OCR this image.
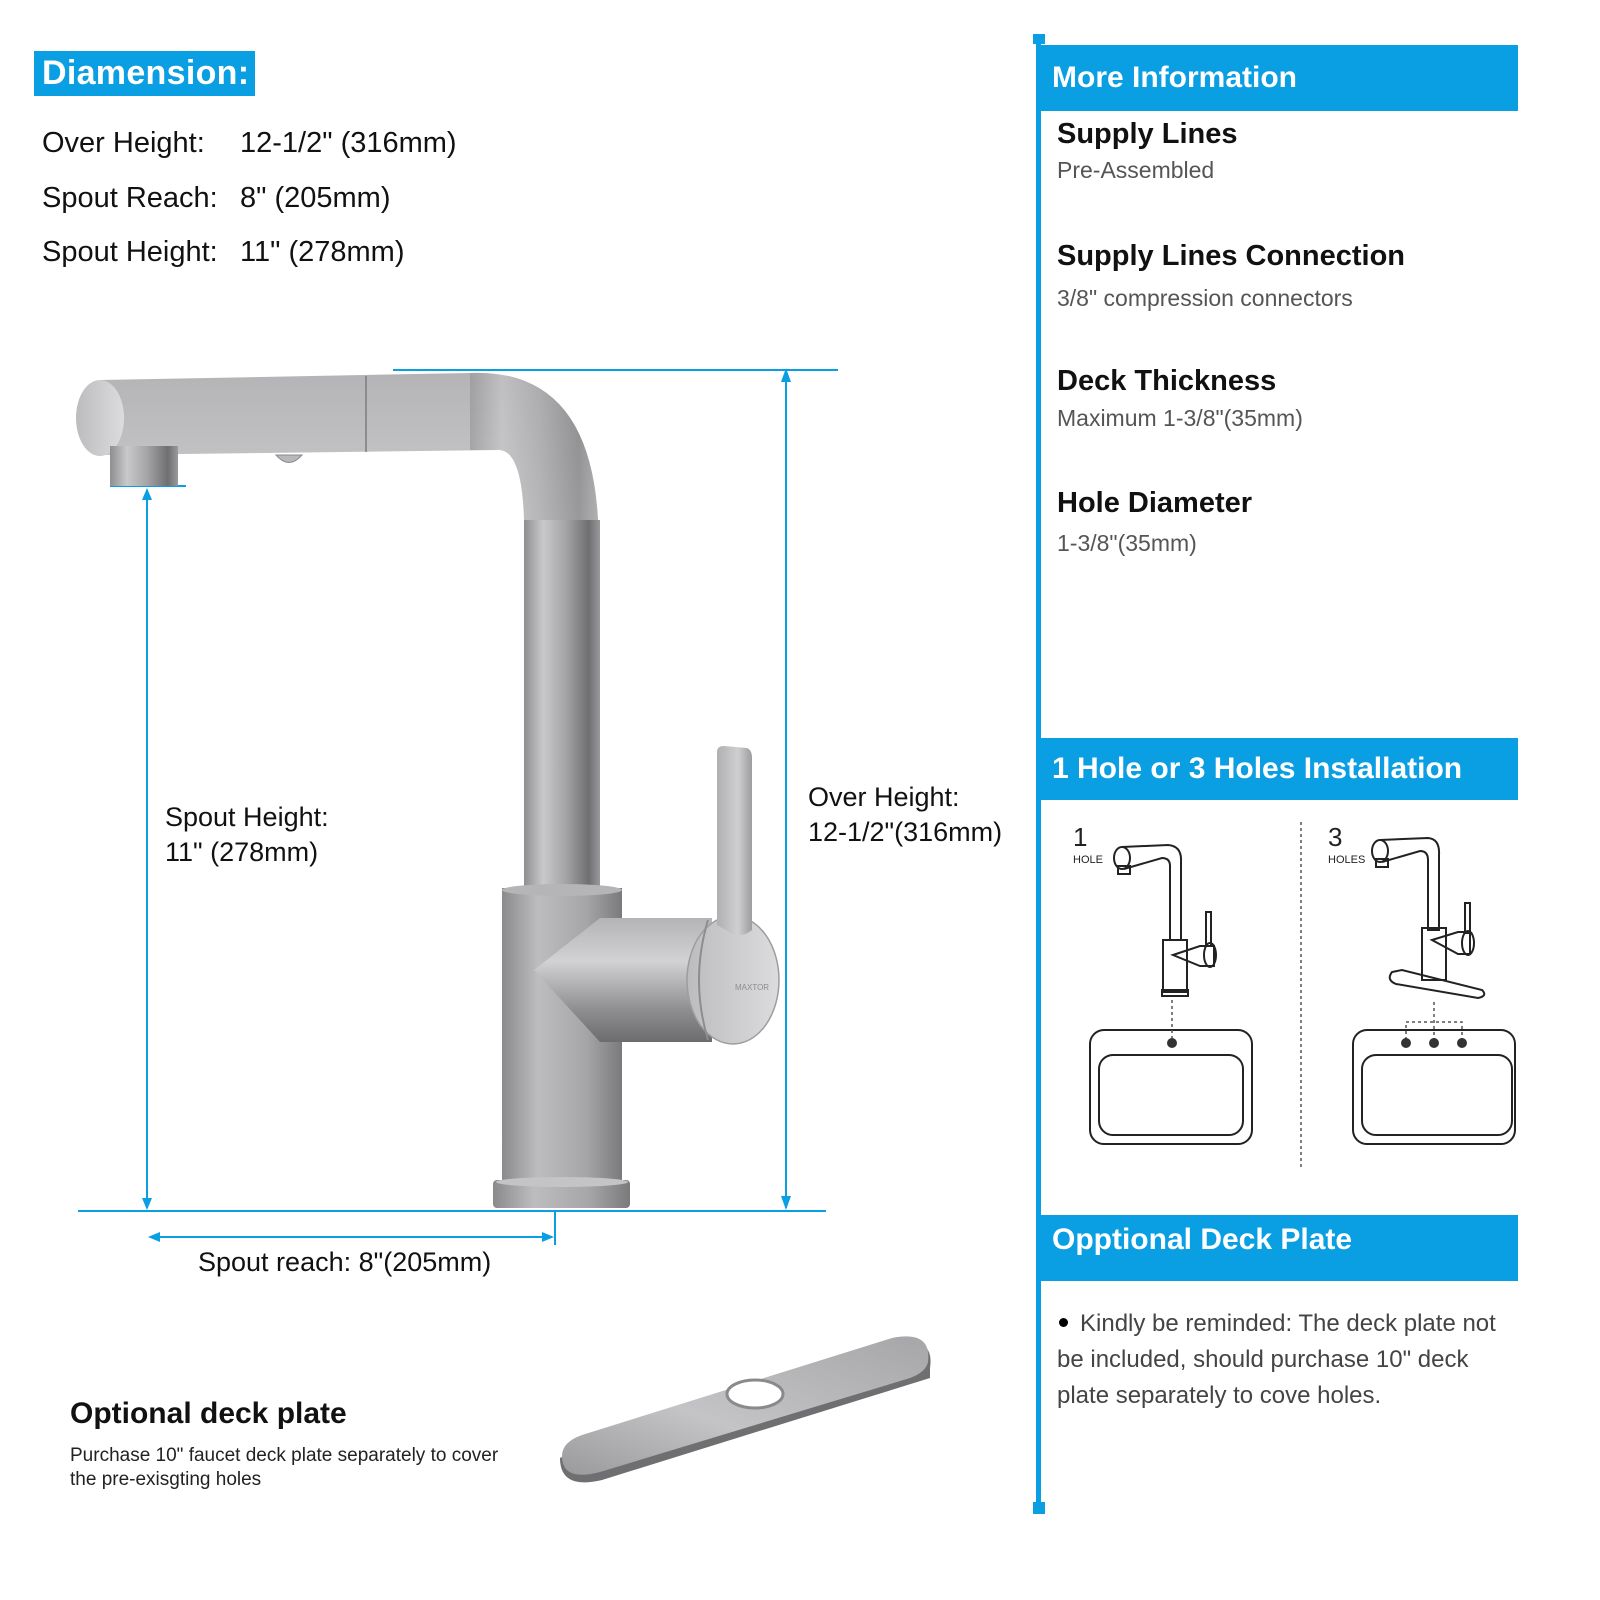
Diamension:
Over Height: 12-1/2" (316mm)
Spout Reach: 8" (205mm)
Spout Height: 11" (278mm)
MAXTOR
Spout Height:
11" (278mm)
Over Height:
12-1/2"(316mm)
Spout reach: 8"(205mm)
Optional deck plate
Purchase 10" faucet deck plate separately to cover the pre-exisgting holes
More Information
Supply Lines
Pre-Assembled
Supply Lines Connection
3/8" compression connectors
Deck Thickness
Maximum 1-3/8"(35mm)
Hole Diameter
1-3/8"(35mm)
1 Hole or 3 Holes Installation
1
HOLE
3
HOLES
Opptional Deck Plate
Kindly be reminded: The deck plate not be included, should purchase 10" deck plate separately to cove holes.
